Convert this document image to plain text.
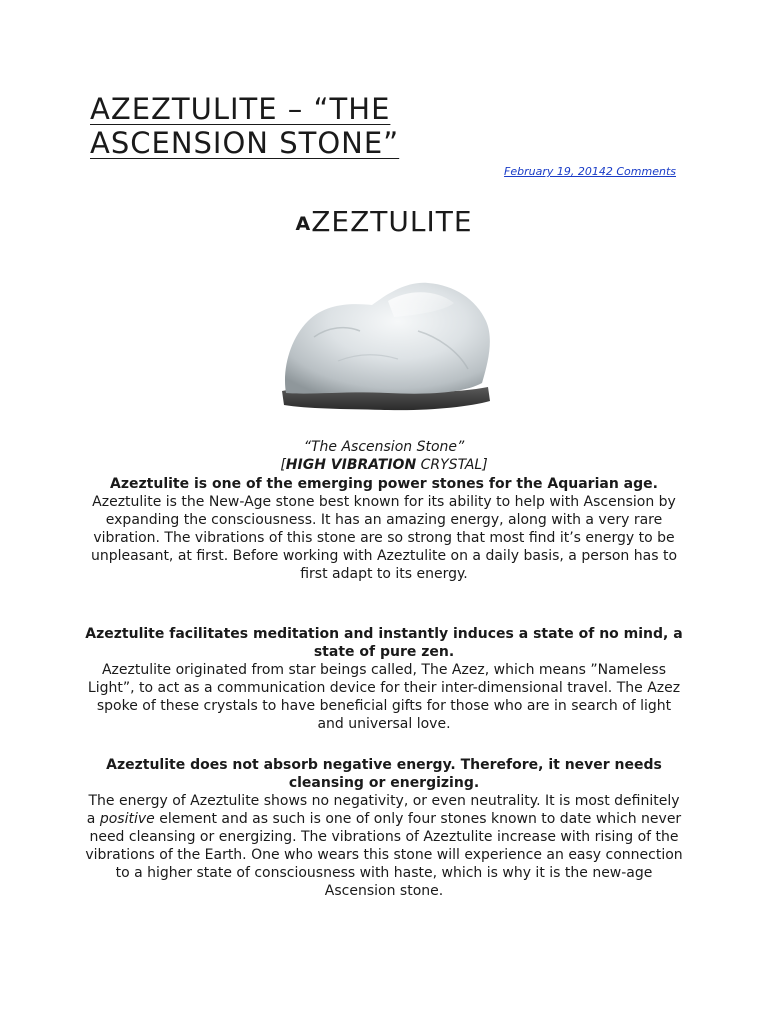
AZEZTULITE – “THE
ASCENSION STONE”
February 19, 20142 Comments
AZEZTULITE
“The Ascension Stone”
[HIGH VIBRATION CRYSTAL]

Azeztulite is one of the emerging power stones for the Aquarian age.

Azeztulite is the New-Age stone best known for its ability to help with Ascension by expanding the consciousness. It has an amazing energy, along with a very rare vibration. The vibrations of this stone are so strong that most find it’s energy to be unpleasant, at first. Before working with Azeztulite on a daily basis, a person has to first adapt to its energy.

Azeztulite facilitates meditation and instantly induces a state of no mind, a state of pure zen.

Azeztulite originated from star beings called, The Azez, which means ”Nameless Light”, to act as a communication device for their inter-dimensional travel. The Azez spoke of these crystals to have beneficial gifts for those who are in search of light and universal love.

Azeztulite does not absorb negative energy. Therefore, it never needs cleansing or energizing.

The energy of Azeztulite shows no negativity, or even neutrality. It is most definitely a positive element and as such is one of only four stones known to date which never need cleansing or energizing. The vibrations of Azeztulite increase with rising of the vibrations of the Earth. One who wears this stone will experience an easy connection to a higher state of consciousness with haste, which is why it is the new-age Ascension stone.
